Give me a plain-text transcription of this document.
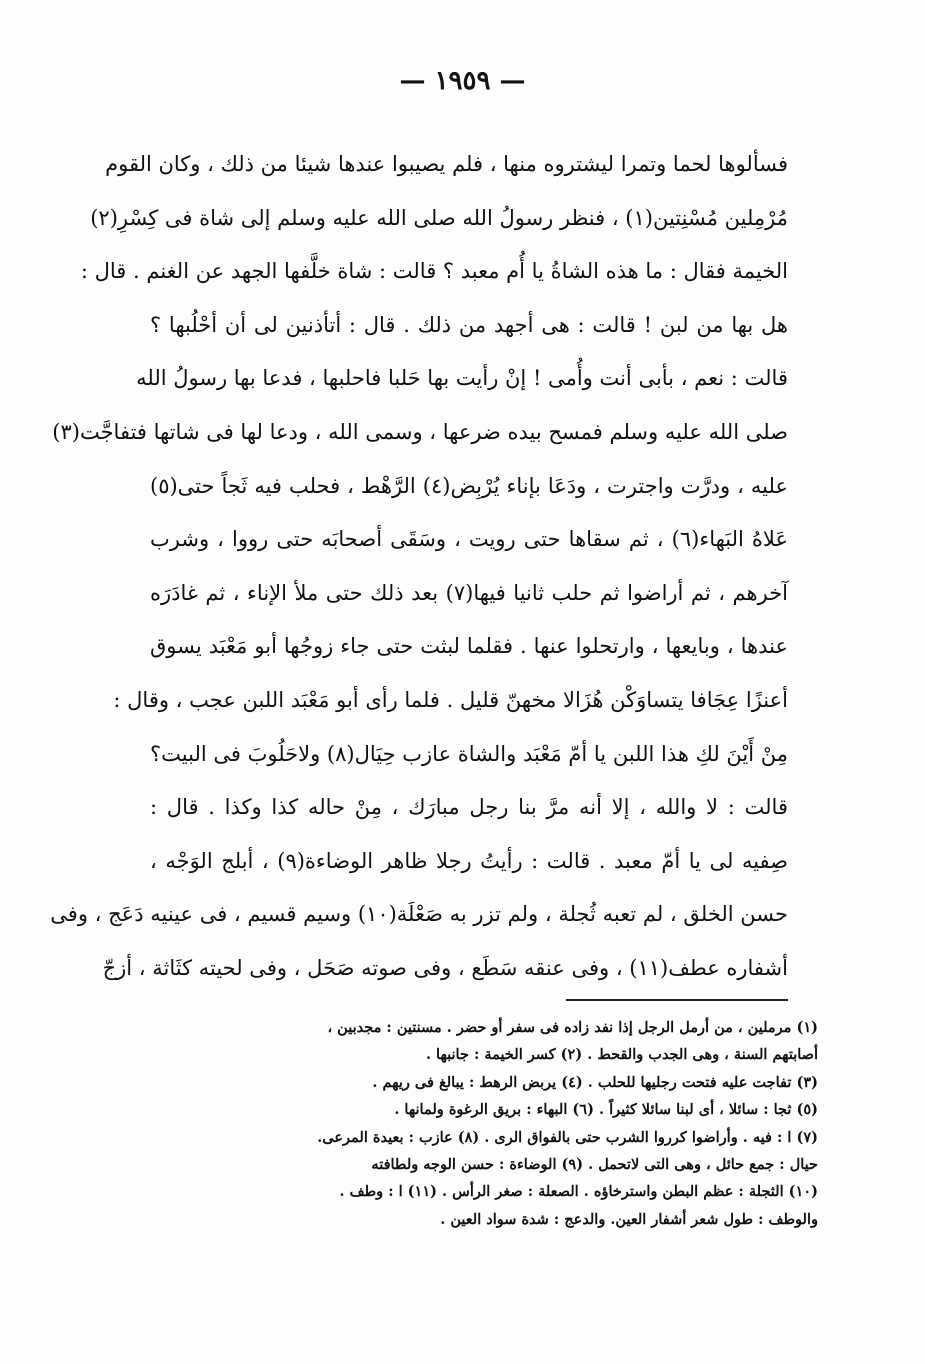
— ١٩٥٩ —
فسألوها لحما وتمرا ليشتروه منها ، فلم يصيبوا عندها شيئا من ذلك ، وكان القوم
مُرْمِلين مُسْنِتين(١) ، فنظر رسولُ الله صلى الله عليه وسلم إلى شاة فى كِسْرِ(٢)
الخيمة فقال : ما هذه الشاةُ يا أُم معبد ؟ قالت : شاة خلَّفها الجهد عن الغنم . قال :
هل بها من لبن ! قالت : هى أجهد من ذلك . قال : أتأذنين لى أن أحْلُبها ؟
قالت : نعم ، بأبى أنت وأُمى ! إنْ رأيت بها حَلبا فاحلبها ، فدعا بها رسولُ الله
صلى الله عليه وسلم فمسح بيده ضرعها ، وسمى الله ، ودعا لها فى شاتها فتفاجَّت(٣)
عليه ، ودرَّت واجترت ، ودَعَا بإناء يُرْبِض(٤) الرَّهْط ، فحلب فيه ثَجاً حتى(٥)
عَلاهُ البَهاء(٦) ، ثم سقاها حتى رويت ، وسَقَى أصحابَه حتى رووا ، وشرب
آخرهم ، ثم أراضوا ثم حلب ثانيا فيها(٧) بعد ذلك حتى ملأ الإناء ، ثم غادَرَه
عندها ، وبايعها ، وارتحلوا عنها . فقلما لبثت حتى جاء زوجُها أبو مَعْبَد يسوق
أعنزًا عِجَافا يتساوَكْن هُزَالا مخهنّ قليل . فلما رأى أبو مَعْبَد اللبن عجب ، وقال :
مِنْ أَيْنَ لكِ هذا اللبن يا أمّ مَعْبَد والشاة عازب حِيَال(٨) ولاحَلُوبَ فى البيت؟
قالت : لا والله ، إلا أنه مرَّ بنا رجل مبارَك ، مِنْ حاله كذا وكذا . قال :
صِفيه لى يا أمّ معبد . قالت : رأيتُ رجلا ظاهر الوضاءة(٩) ، أبلج الوَجْه ،
حسن الخلق ، لم تعبه ثُجلة ، ولم تزر به صَعْلَة(١٠) وسيم قسيم ، فى عينيه دَعَج ، وفى
أشفاره عطف(١١) ، وفى عنقه سَطَع ، وفى صوته صَحَل ، وفى لحيته كثَاثة ، أزجّ
(١) مرملين ، من أرمل الرجل إذا نفد زاده فى سفر أو حضر . مسنتين : مجدبين ،
أصابتهم السنة ، وهى الجدب والقحط . (٢) كسر الخيمة : جانبها .
(٣) تفاجت عليه فتحت رجليها للحلب . (٤) يربض الرهط : يبالغ فى ريهم .
(٥) ثجا : سائلا ، أى لبنا سائلا كثيراً . (٦) البهاء : بريق الرغوة ولمانها .
(٧) ا : فيه . وأراضوا كرروا الشرب حتى بالفواق الرى . (٨) عازب : بعيدة المرعى.
حيال : جمع حائل ، وهى التى لاتحمل . (٩) الوضاءة : حسن الوجه ولطافته
(١٠) الثجلة : عظم البطن واسترخاؤه . الصعلة : صغر الرأس . (١١) ا : وطف .
والوطف : طول شعر أشفار العين. والدعج : شدة سواد العين .
